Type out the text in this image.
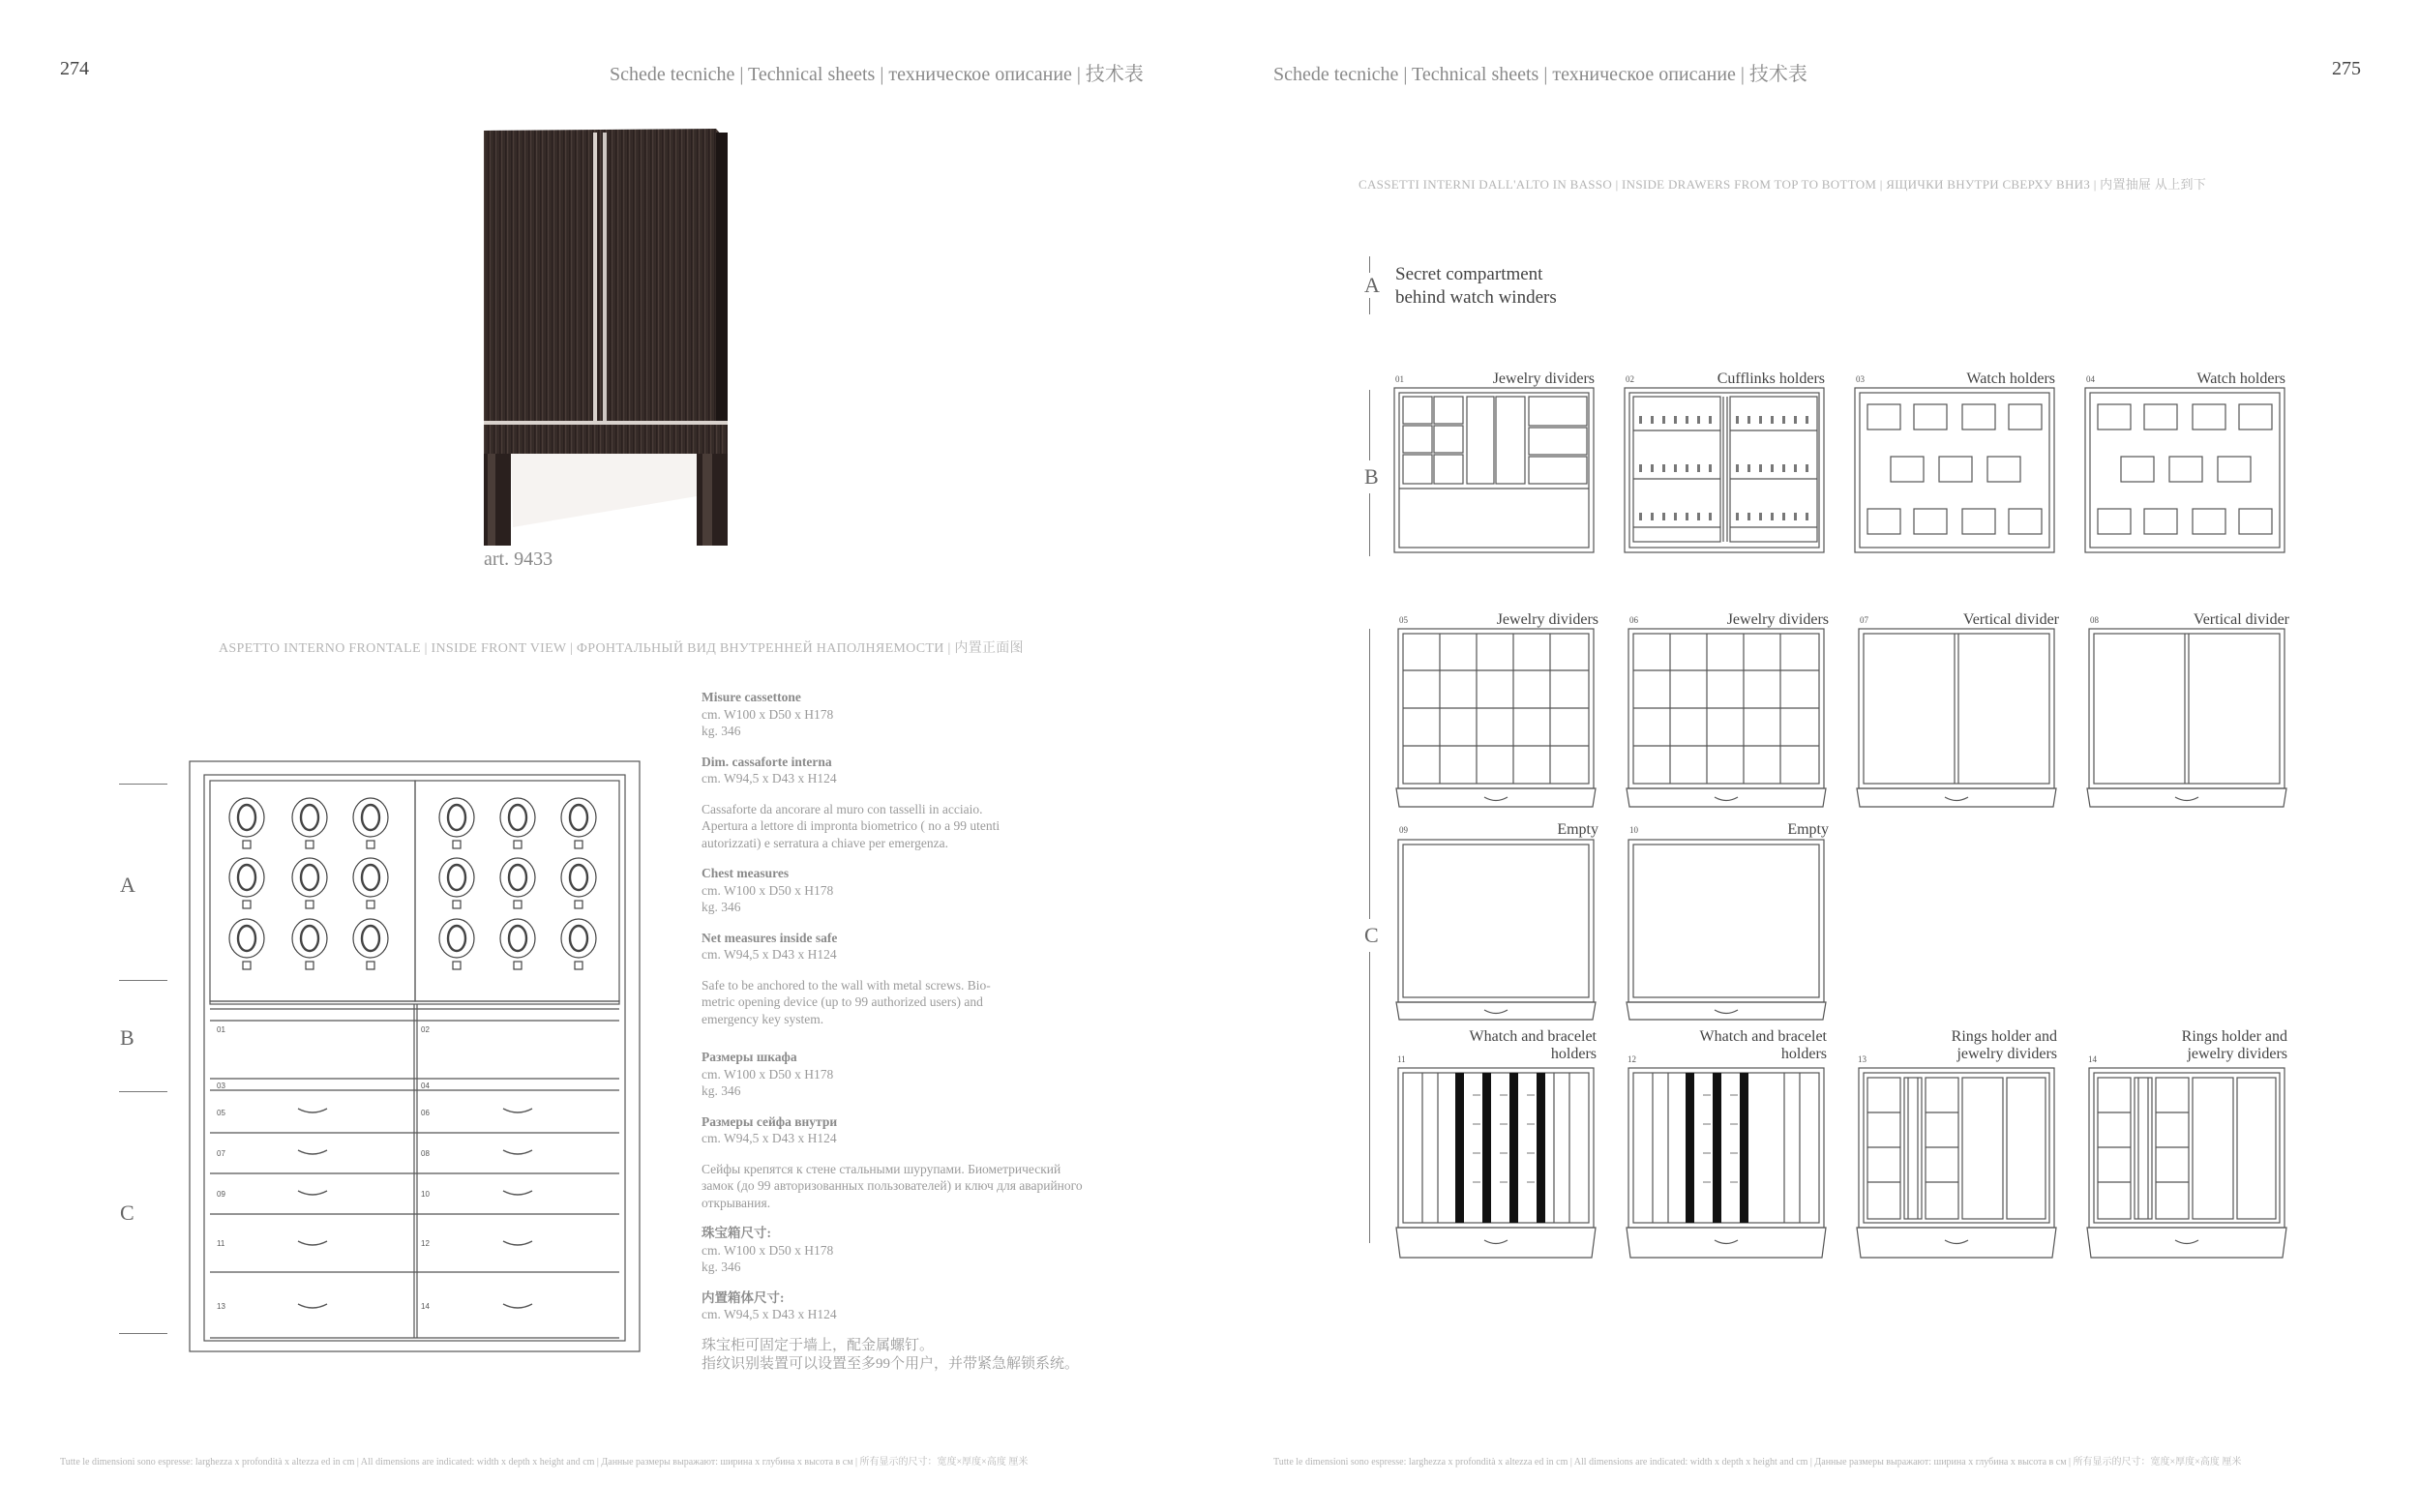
274	Schede tecniche | Technical sheets | техническое описание | 技术表
art. 9433
ASPETTO INTERNO FRONTALE | INSIDE FRONT VIEW | ФРОНТАЛЬНЫЙ ВИД ВНУТРЕННЕЙ НАПОЛНЯЕМОСТИ | 内置正面图
A
B
C
01	02
03	04
05	06
07	08
09	10
11	12
13	14
Misure cassettone
cm. W100 x D50 x H178
kg. 346
Dim. cassaforte interna
cm. W94,5 x D43 x H124
Cassaforte da ancorare al muro con tasselli in acciaio.
Apertura a lettore di impronta biometrico ( no a 99 utenti
autorizzati) e serratura a chiave per emergenza.
Chest measures
cm. W100 x D50 x H178
kg. 346
Net measures inside safe
cm. W94,5 x D43 x H124
Safe to be anchored to the wall with metal screws. Bio-
metric opening device (up to 99 authorized users) and
emergency key system.
Размеры шкафа
cm. W100 x D50 x H178
kg. 346
Размеры сейфа внутри
cm. W94,5 x D43 x H124
Сейфы крепятся к стене стальными шурупами. Биометрический
замок (до 99 авторизованных пользователей) и ключ для аварийного
открывания.
珠宝箱尺寸:
cm. W100 x D50 x H178
kg. 346
内置箱体尺寸:
cm. W94,5 x D43 x H124
珠宝柜可固定于墙上，配金属螺钉。
指纹识别装置可以设置至多99个用户，并带紧急解锁系统。
Tutte le dimensioni sono espresse: larghezza x profondità x altezza ed in cm | All dimensions are indicated: width x depth x height and cm | Данные размеры выражают: ширина x глубина x высота в см | 所有显示的尺寸：宽度×厚度×高度 厘米
Schede tecniche | Technical sheets | техническое описание | 技术表	275
CASSETTI INTERNI DALL'ALTO IN BASSO | INSIDE DRAWERS FROM TOP TO BOTTOM | ЯЩИЧКИ ВНУТРИ СВЕРХУ ВНИЗ | 内置抽屉 从上到下
A Secret compartment
behind watch winders
B
C
01	Jewelry dividers	02	Cufflinks holders	03	Watch holders	04	Watch holders
05	Jewelry dividers	06	Jewelry dividers	07	Vertical divider	08	Vertical divider
09	Empty	10	Empty
11
Whatch and bracelet
holders	12
Whatch and bracelet
holders	13
Rings holder and
jewelry dividers	14
Rings holder and
jewelry dividers
Tutte le dimensioni sono espresse: larghezza x profondità x altezza ed in cm | All dimensions are indicated: width x depth x height and cm | Данные размеры выражают: ширина x глубина x высота в см | 所有显示的尺寸：宽度×厚度×高度 厘米
